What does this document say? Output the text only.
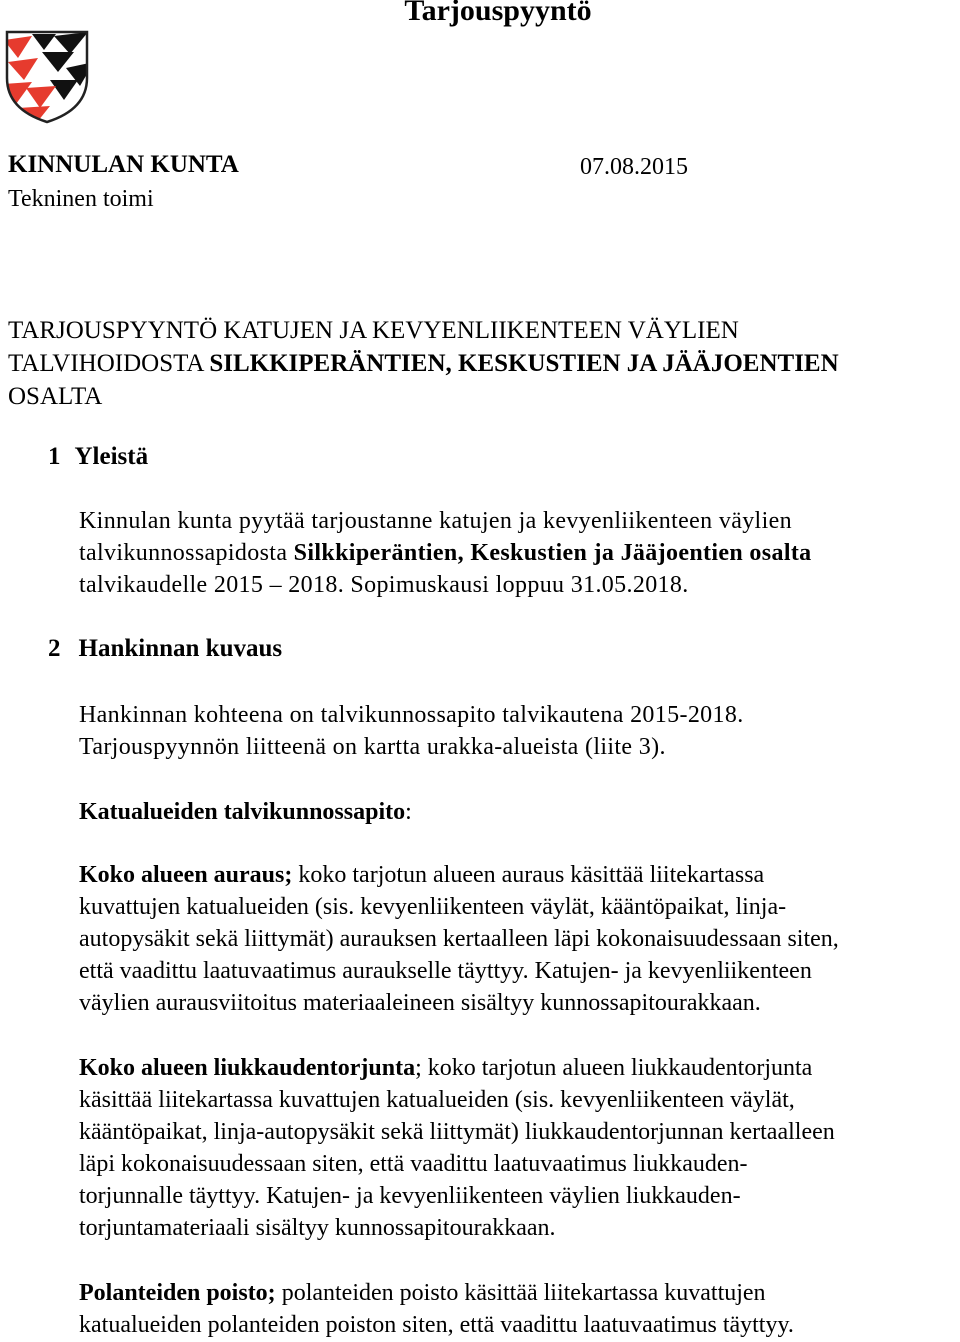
Tarjouspyyntö
KINNULAN KUNTA	07.08.2015
Tekninen toimi
TARJOUSPYYNTÖ KATUJEN JA KEVYENLIIKENTEEN VÄYLIEN
TALVIHOIDOSTA SILKKIPERÄNTIEN, KESKUSTIEN JA JÄÄJOENTIEN
OSALTA
1 Yleistä
Kinnulan kunta pyytää tarjoustanne katujen ja kevyenliikenteen väylien
talvikunnossapidosta Silkkiperäntien, Keskustien ja Jääjoentien osalta
talvikaudelle 2015 – 2018. Sopimuskausi loppuu 31.05.2018.
2 Hankinnan kuvaus
Hankinnan kohteena on talvikunnossapito talvikautena 2015-2018.
Tarjouspyynnön liitteenä on kartta urakka-alueista (liite 3).
Katualueiden talvikunnossapito:
Koko alueen auraus; koko tarjotun alueen auraus käsittää liitekartassa
kuvattujen katualueiden (sis. kevyenliikenteen väylät, kääntöpaikat, linja-
autopysäkit sekä liittymät) aurauksen kertaalleen läpi kokonaisuudessaan siten,
että vaadittu laatuvaatimus auraukselle täyttyy. Katujen- ja kevyenliikenteen
väylien aurausviitoitus materiaaleineen sisältyy kunnossapitourakkaan.
Koko alueen liukkaudentorjunta; koko tarjotun alueen liukkaudentorjunta
käsittää liitekartassa kuvattujen katualueiden (sis. kevyenliikenteen väylät,
kääntöpaikat, linja-autopysäkit sekä liittymät) liukkaudentorjunnan kertaalleen
läpi kokonaisuudessaan siten, että vaadittu laatuvaatimus liukkauden-
torjunnalle täyttyy. Katujen- ja kevyenliikenteen väylien liukkauden-
torjuntamateriaali sisältyy kunnossapitourakkaan.
Polanteiden poisto; polanteiden poisto käsittää liitekartassa kuvattujen
katualueiden polanteiden poiston siten, että vaadittu laatuvaatimus täyttyy.
